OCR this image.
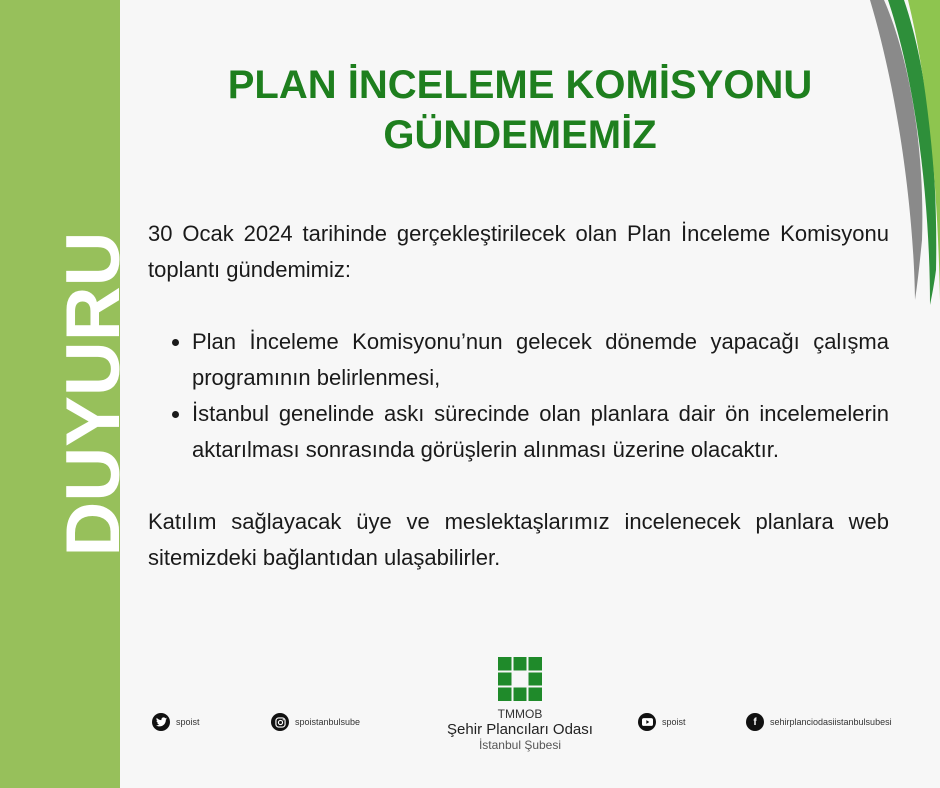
DUYURU
PLAN İNCELEME KOMİSYONU
GÜNDEMEMİZ

30 Ocak 2024 tarihinde gerçekleştirilecek olan Plan İnceleme Komisyonu toplantı gündemimiz:

• Plan İnceleme Komisyonu’nun gelecek dönemde yapacağı çalışma programının belirlenmesi,
• İstanbul genelinde askı sürecinde olan planlara dair ön incelemelerin aktarılması sonrasında görüşlerin alınması üzerine olacaktır.

Katılım sağlayacak üye ve meslektaşlarımız incelenecek planlara web sitemizdeki bağlantıdan ulaşabilirler.

spoist	spoistanbulsube	spoist	f	sehirplanciodasiistanbulsubesi
TMMOB
Şehir Plancıları Odası
İstanbul Şubesi
